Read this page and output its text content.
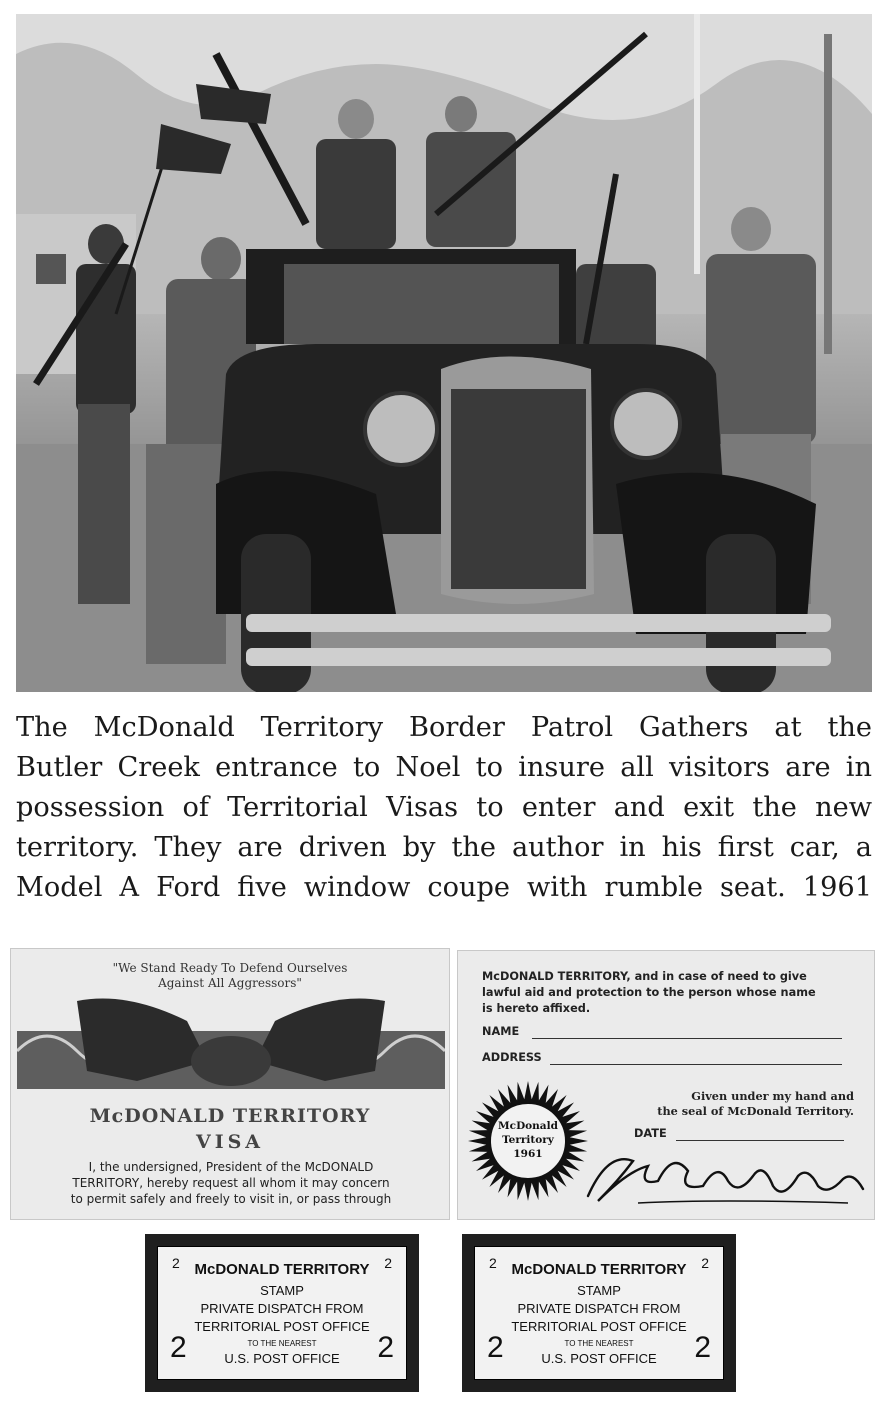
The McDonald Territory Border Patrol Gathers at the
Butler Creek entrance to Noel to insure all visitors are in
possession of Territorial Visas to enter and exit the new
territory. They are driven by the author in his first car, a
Model A Ford five window coupe with rumble seat. 1961
"We Stand Ready To Defend Ourselves
Against All Aggressors"
McDONALD TERRITORY
VISA
I, the undersigned, President of the McDONALD
TERRITORY, hereby request all whom it may concern
to permit safely and freely to visit in, or pass through
McDONALD TERRITORY, and in case of need to give
lawful aid and protection to the person whose name
is hereto affixed.
NAME
ADDRESS
Given under my hand and
the seal of McDonald Territory.
DATE
McDonald
Territory
1961
2	2
McDONALD TERRITORY
STAMP
PRIVATE DISPATCH FROM
TERRITORIAL POST OFFICE
TO THE NEAREST
U.S. POST OFFICE
2	2
2	2
McDONALD TERRITORY
STAMP
PRIVATE DISPATCH FROM
TERRITORIAL POST OFFICE
TO THE NEAREST
U.S. POST OFFICE
2	2
